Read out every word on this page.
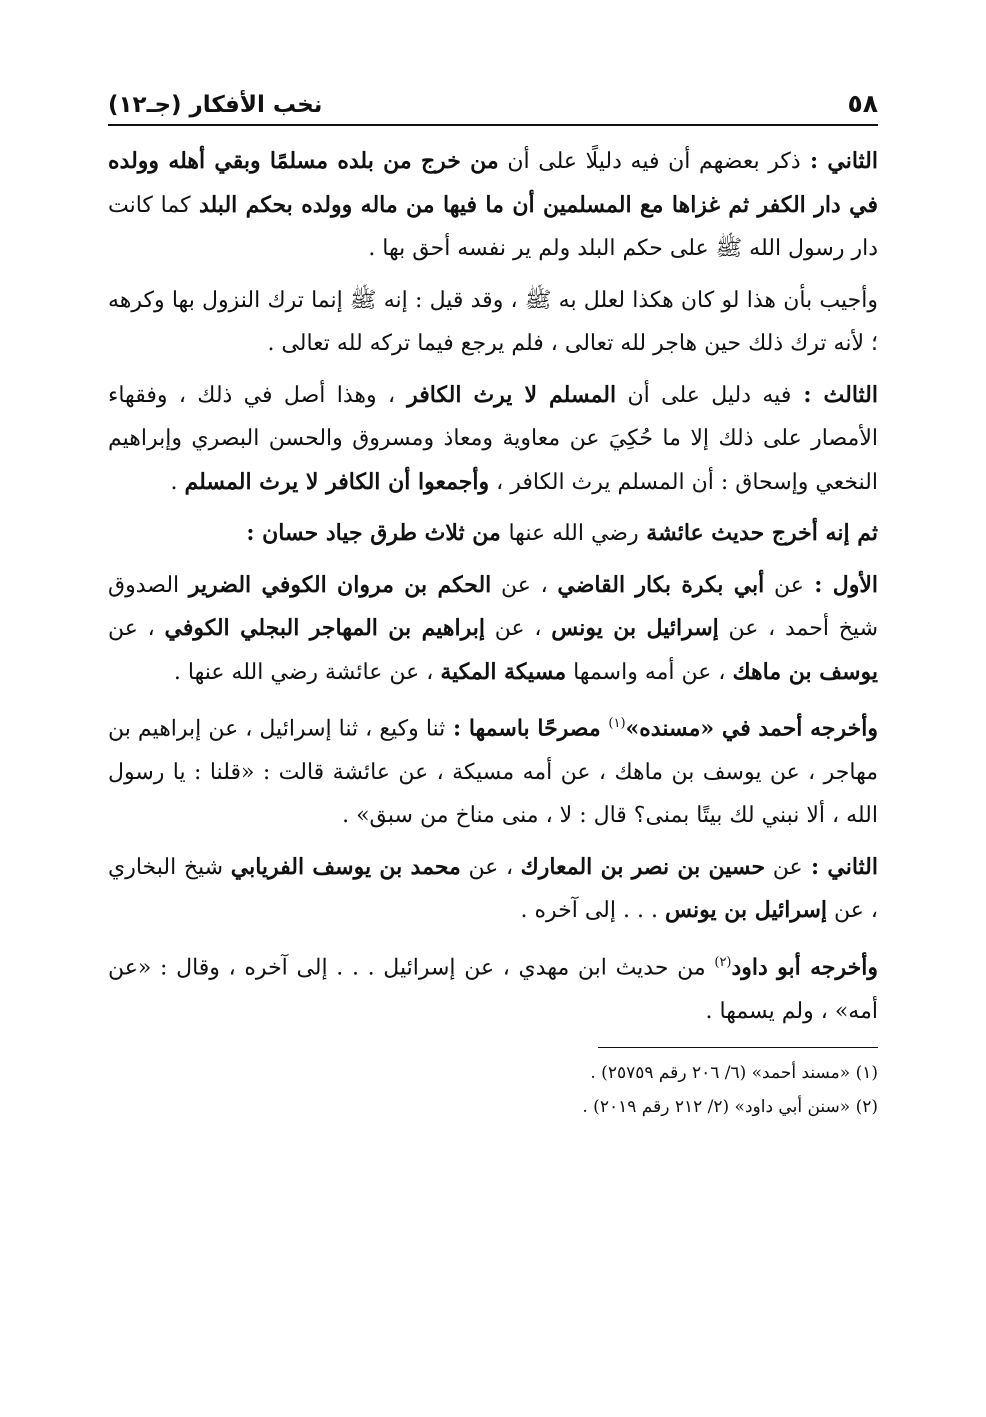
٥٨
نخب الأفكار (جـ١٢)

الثاني : ذكر بعضهم أن فيه دليلًا على أن من خرج من بلده مسلمًا وبقي أهله وولده في دار الكفر ثم غزاها مع المسلمين أن ما فيها من ماله وولده بحكم البلد كما كانت دار رسول الله ﷺ على حكم البلد ولم ير نفسه أحق بها .

وأجيب بأن هذا لو كان هكذا لعلل به ﷺ ، وقد قيل : إنه ﷺ إنما ترك النزول بها وكرهه ؛ لأنه ترك ذلك حين هاجر لله تعالى ، فلم يرجع فيما تركه لله تعالى .

الثالث : فيه دليل على أن المسلم لا يرث الكافر ، وهذا أصل في ذلك ، وفقهاء الأمصار على ذلك إلا ما حُكِيَ عن معاوية ومعاذ ومسروق والحسن البصري وإبراهيم النخعي وإسحاق : أن المسلم يرث الكافر ، وأجمعوا أن الكافر لا يرث المسلم .

ثم إنه أخرج حديث عائشة رضي الله عنها من ثلاث طرق جياد حسان :

الأول : عن أبي بكرة بكار القاضي ، عن الحكم بن مروان الكوفي الضرير الصدوق شيخ أحمد ، عن إسرائيل بن يونس ، عن إبراهيم بن المهاجر البجلي الكوفي ، عن يوسف بن ماهك ، عن أمه واسمها مسيكة المكية ، عن عائشة رضي الله عنها .

وأخرجه أحمد في «مسنده»$^{(١)}$ مصرحًا باسمها : ثنا وكيع ، ثنا إسرائيل ، عن إبراهيم بن مهاجر ، عن يوسف بن ماهك ، عن أمه مسيكة ، عن عائشة قالت : «قلنا : يا رسول الله ، ألا نبني لك بيتًا بمنى؟ قال : لا ، منى مناخ من سبق» .

الثاني : عن حسين بن نصر بن المعارك ، عن محمد بن يوسف الفريابي شيخ البخاري ، عن إسرائيل بن يونس . . . إلى آخره .

وأخرجه أبو داود$^{(٢)}$ من حديث ابن مهدي ، عن إسرائيل . . . إلى آخره ، وقال : «عن أمه» ، ولم يسمها .

(١) «مسند أحمد» (٦/ ٢٠٦ رقم ٢٥٧٥٩) .

(٢) «سنن أبي داود» (٢/ ٢١٢ رقم ٢٠١٩) .
